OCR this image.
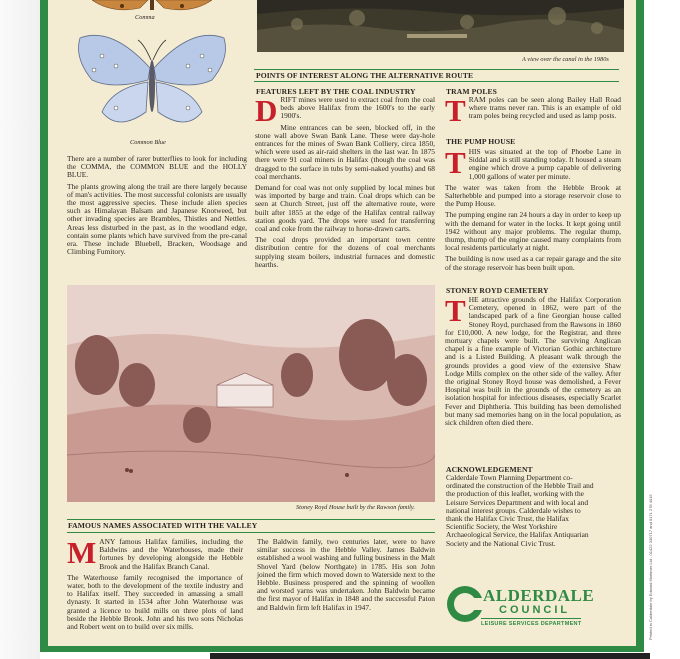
Printed in Calderdale by Edward Mortimer Ltd - 01422 330717 and 0171 278 4015
Comma
Common Blue

There are a number of rarer butterflies to look for including the COMMA, the COMMON BLUE and the HOLLY BLUE.

The plants growing along the trail are there largely because of man's activities. The most successful colonists are usually the most aggressive species. These include alien species such as Himalayan Balsam and Japanese Knotweed, but other invading species are Brambles, Thistles and Nettles. Areas less disturbed in the past, as in the woodland edge, contain some plants which have survived from the pre-canal era. These include Bluebell, Bracken, Woodsage and Climbing Fumitory.

A view over the canal in the 1980s
POINTS OF INTEREST ALONG THE ALTERNATIVE ROUTE
FEATURES LEFT BY THE COAL INDUSTRY

DRIFT mines were used to extract coal from the coal beds above Halifax from the 1600's to the early 1900's.

Mine entrances can be seen, blocked off, in the stone wall above Swan Bank Lane. These were day-hole entrances for the mines of Swan Bank Colliery, circa 1850, which were used as air-raid shelters in the last war. In 1875 there were 91 coal miners in Halifax (though the coal was dragged to the surface in tubs by semi-naked youths) and 68 coal merchants.

Demand for coal was not only supplied by local mines but was imported by barge and train. Coal drops which can be seen at Church Street, just off the alternative route, were built after 1855 at the edge of the Halifax central railway station goods yard. The drops were used for transferring coal and coke from the railway to horse-drawn carts.

The coal drops provided an important town centre distribution centre for the dozens of coal merchants supplying steam boilers, industrial furnaces and domestic hearths.

TRAM POLES

TRAM poles can be seen along Bailey Hall Road where trams never ran. This is an example of old tram poles being recycled and used as lamp posts.

THE PUMP HOUSE

THIS was situated at the top of Phoebe Lane in Siddal and is still standing today. It housed a steam engine which drove a pump capable of delivering 1,000 gallons of water per minute.

The water was taken from the Hebble Brook at Salterhebble and pumped into a storage reservoir close to the Pump House.

The pumping engine ran 24 hours a day in order to keep up with the demand for water in the locks. It kept going until 1942 without any major problems. The regular thump, thump, thump of the engine caused many complaints from local residents particularly at night.

The building is now used as a car repair garage and the site of the storage reservoir has been built upon.

STONEY ROYD CEMETERY

THE attractive grounds of the Halifax Corporation Cemetery, opened in 1862, were part of the landscaped park of a fine Georgian house called Stoney Royd, purchased from the Rawsons in 1860 for £10,000. A new lodge, for the Registrar, and three mortuary chapels were built. The surviving Anglican chapel is a fine example of Victorian Gothic architecture and is a Listed Building. A pleasant walk through the grounds provides a good view of the extensive Shaw Lodge Mills complex on the other side of the valley. After the original Stoney Royd house was demolished, a Fever Hospital was built in the grounds of the cemetery as an isolation hospital for infectious diseases, especially Scarlet Fever and Diphtheria. This building has been demolished but many sad memories hang on in the local population, as sick children often died there.

Stoney Royd House built by the Rawson family.
ACKNOWLEDGEMENT
Calderdale Town Planning Department co-ordinated the construction of the Hebble Trail and the production of this leaflet, working with the Leisure Services Department and with local and national interest groups. Calderdale wishes to thank the Halifax Civic Trust, the Halifax Scientific Society, the West Yorkshire Archaeological Service, the Halifax Antiquarian Society and the National Civic Trust.
ALDERDALE
COUNCIL
LEISURE SERVICES DEPARTMENT
FAMOUS NAMES ASSOCIATED WITH THE VALLEY

MANY famous Halifax families, including the Baldwins and the Waterhouses, made their fortunes by developing alongside the Hebble Brook and the Halifax Branch Canal.

The Waterhouse family recognised the importance of water, both to the development of the textile industry and to Halifax itself. They succeeded in amassing a small dynasty. It started in 1534 after John Waterhouse was granted a licence to build mills on three plots of land beside the Hebble Brook. John and his two sons Nicholas and Robert went on to build over six mills.

The Baldwin family, two centuries later, were to have similar success in the Hebble Valley. James Baldwin established a wool washing and fulling business in the Malt Shovel Yard (below Northgate) in 1785. His son John joined the firm which moved down to Waterside next to the Hebble. Business prospered and the spinning of woollen and worsted yarns was undertaken. John Baldwin became the first mayor of Halifax in 1848 and the successful Paton and Baldwin firm left Halifax in 1947.
